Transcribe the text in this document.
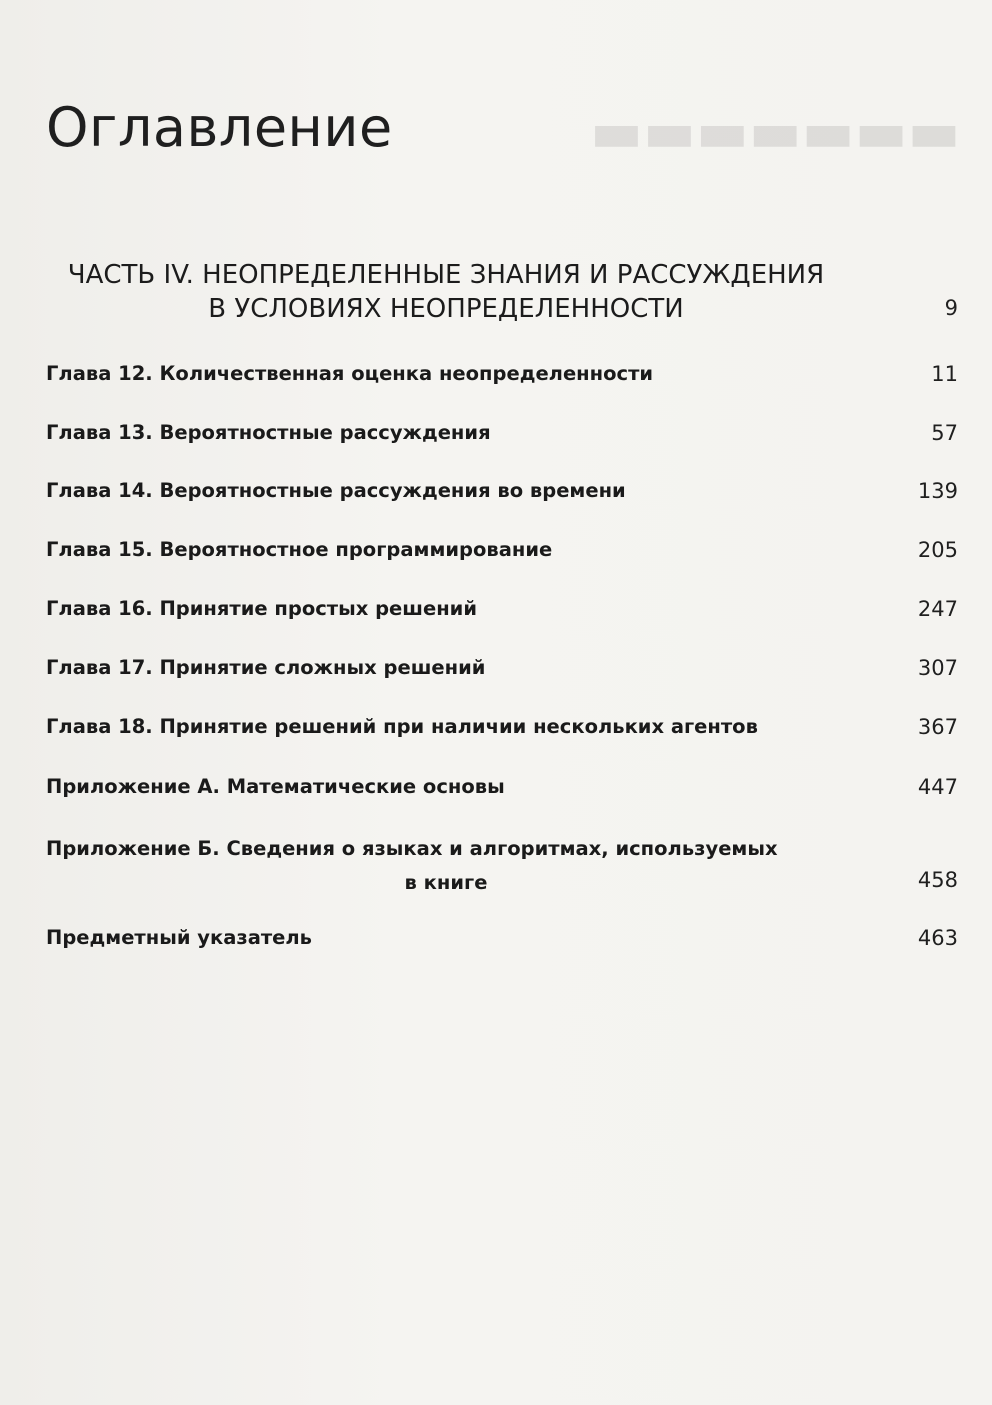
▬▬▬▬▬▬▬
Оглавление
ЧАСТЬ IV. НЕОПРЕДЕЛЕННЫЕ ЗНАНИЯ И РАССУЖДЕНИЯ
В УСЛОВИЯХ НЕОПРЕДЕЛЕННОСТИ	9
Глава 12. Количественная оценка неопределенности	11
Глава 13. Вероятностные рассуждения	57
Глава 14. Вероятностные рассуждения во времени	139
Глава 15. Вероятностное программирование	205
Глава 16. Принятие простых решений	247
Глава 17. Принятие сложных решений	307
Глава 18. Принятие решений при наличии нескольких агентов	367
Приложение А. Математические основы	447
Приложение Б. Сведения о языках и алгоритмах, используемых
в книге	458
Предметный указатель	463
